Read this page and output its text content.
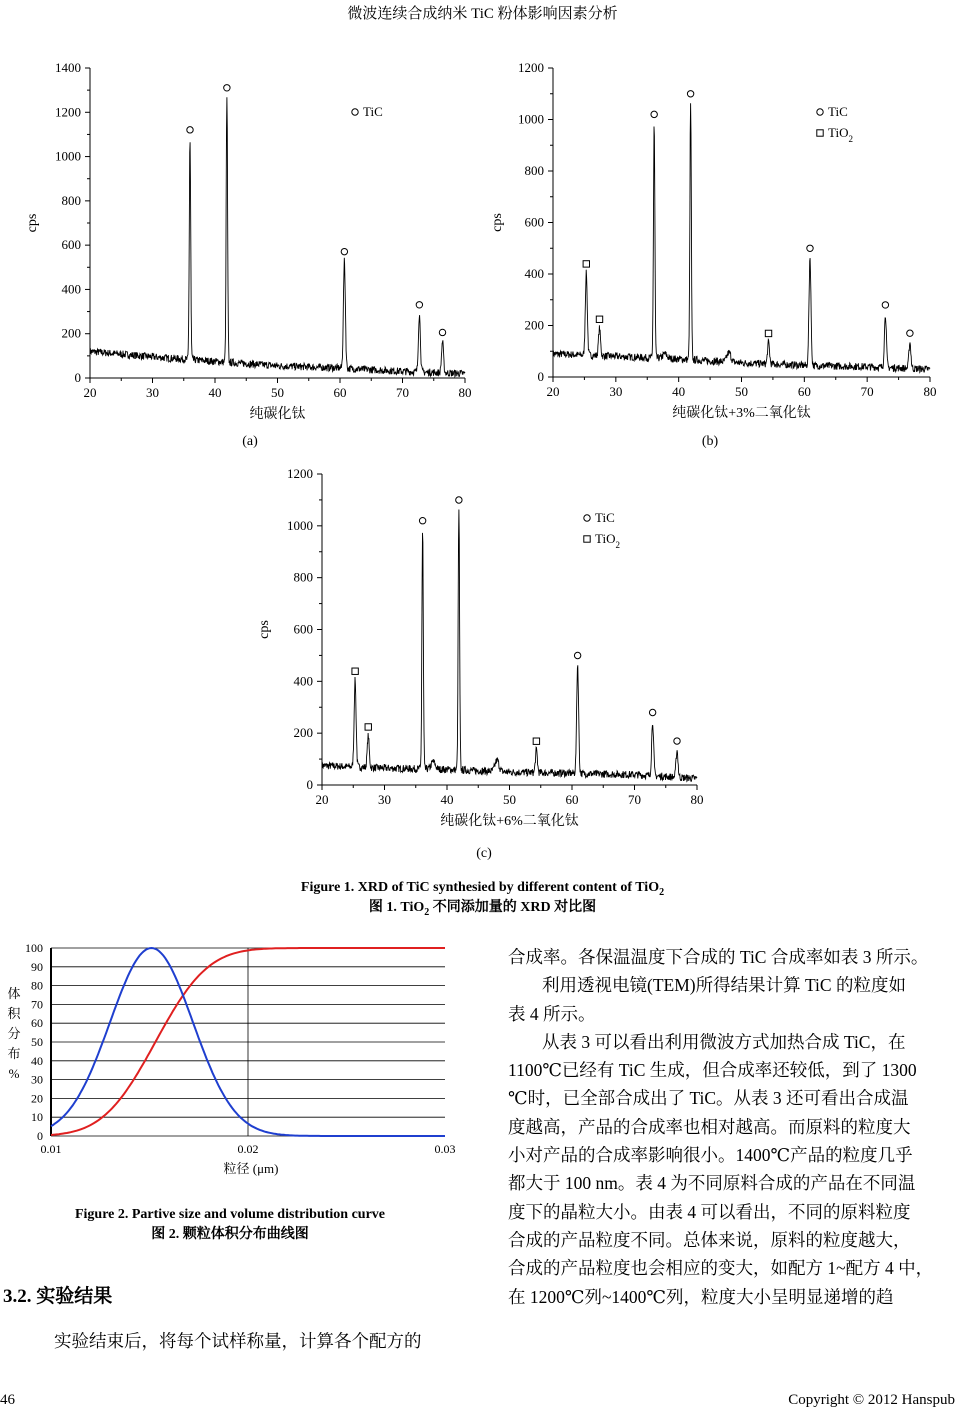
微波连续合成纳米 TiC 粉体影响因素分析
20	30	40	50	60	70	80
0
200
400
600
800
1000
1200
1400
纯碳化钛
cps
TiC
(a)
20	30	40	50	60	70	80
0
200
400
600
800
1000
1200
纯碳化钛+3%二氧化钛
cps
TiC
TiO$_2$
(b)
20	30	40	50	60	70	80
0
200
400
600
800
1000
1200
纯碳化钛+6%二氧化钛
cps
TiC
TiO$_2$
(c)
Figure 1. XRD of TiC synthesied by different content of TiO$_2$
图 1. TiO$_2$ 不同添加量的 XRD 对比图
0
10
20
30
40
50
60
70
80
90
100
0.01	0.02	0.03
粒径 (μm)
体
积
分
布
%
Figure 2. Partive size and volume distribution curve
图 2. 颗粒体积分布曲线图
3.2. 实验结果
实验结束后，将每个试样称量，计算各个配方的
合成率。各保温温度下合成的 TiC 合成率如表 3 所示。
利用透视电镜(TEM)所得结果计算 TiC 的粒度如
表 4 所示。
从表 3 可以看出利用微波方式加热合成 TiC，在
1100℃已经有 TiC 生成，但合成率还较低，到了 1300
℃时，已全部合成出了 TiC。从表 3 还可看出合成温
度越高，产品的合成率也相对越高。而原料的粒度大
小对产品的合成率影响很小。1400℃产品的粒度几乎
都大于 100 nm。表 4 为不同原料合成的产品在不同温
度下的晶粒大小。由表 4 可以看出，不同的原料粒度
合成的产品粒度不同。总体来说，原料的粒度越大，
合成的产品粒度也会相应的变大，如配方 1~配方 4 中，
在 1200℃列~1400℃列，粒度大小呈明显递增的趋
46	Copyright © 2012 Hanspub
